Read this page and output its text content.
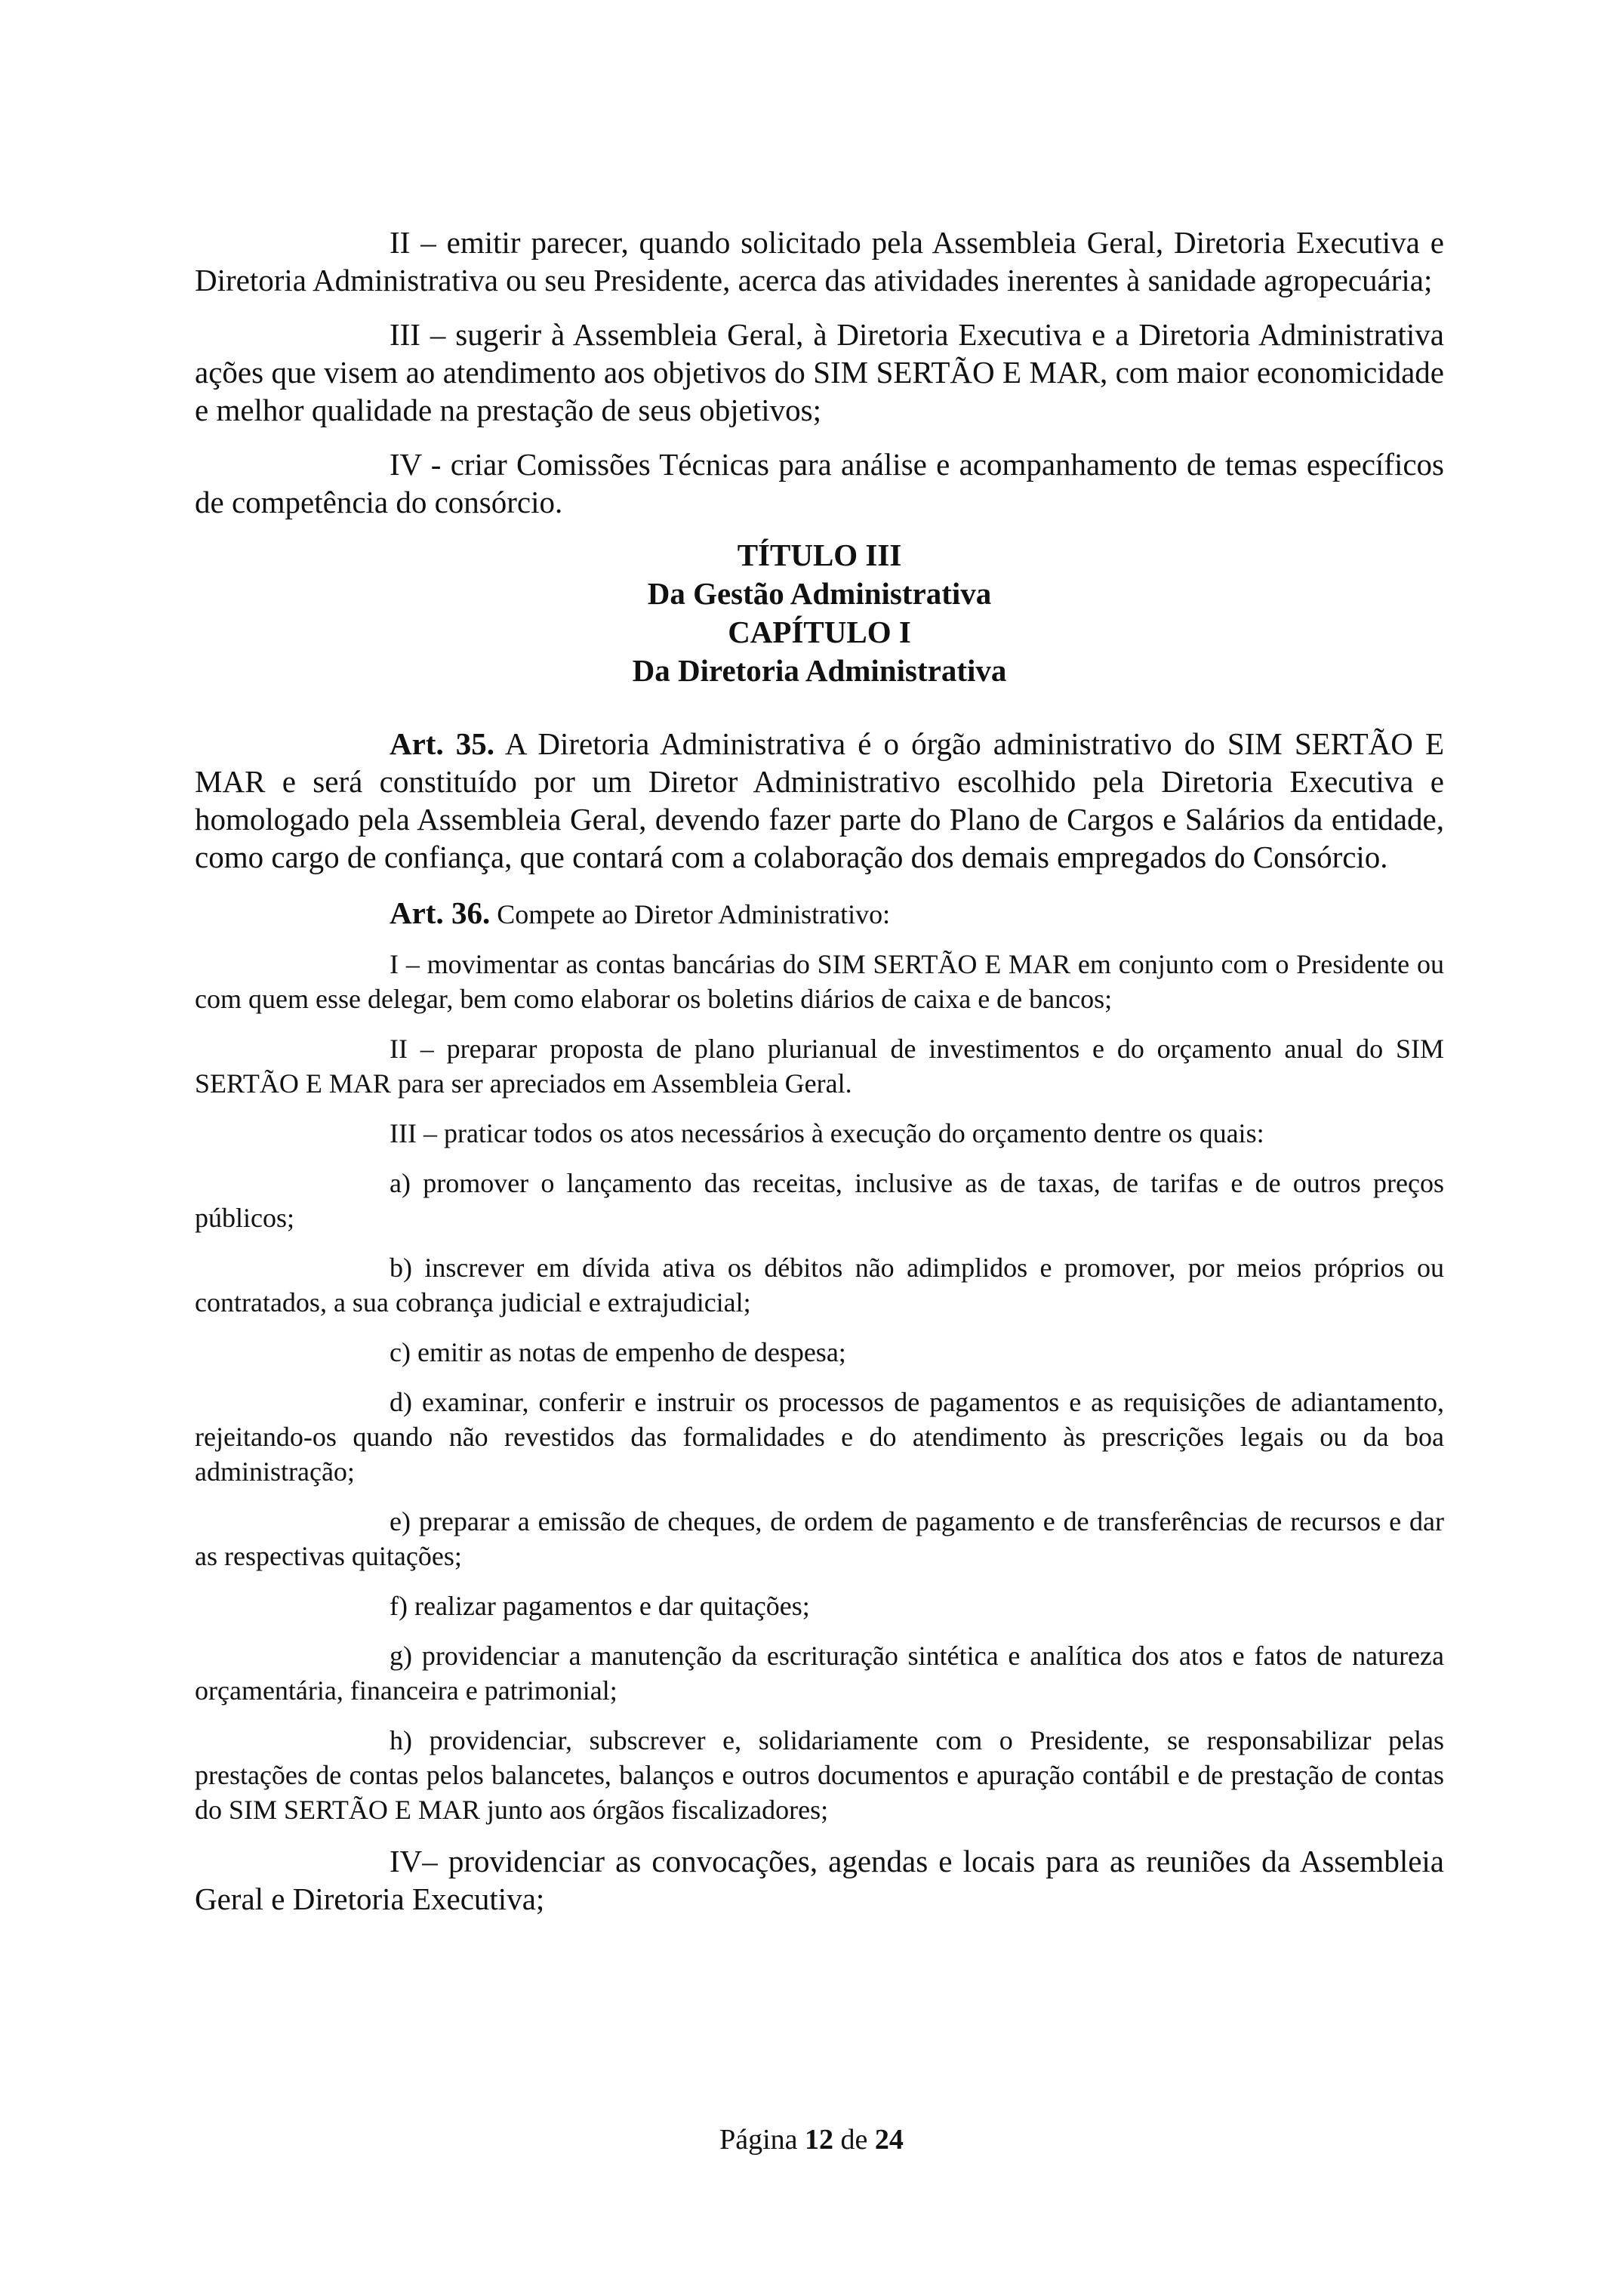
II – emitir parecer, quando solicitado pela Assembleia Geral, Diretoria Executiva e Diretoria Administrativa ou seu Presidente, acerca das atividades inerentes à sanidade agropecuária;

III – sugerir à Assembleia Geral, à Diretoria Executiva e a Diretoria Administrativa ações que visem ao atendimento aos objetivos do SIM SERTÃO E MAR, com maior economicidade e melhor qualidade na prestação de seus objetivos;

IV - criar Comissões Técnicas para análise e acompanhamento de temas específicos de competência do consórcio.

TÍTULO III
Da Gestão Administrativa
CAPÍTULO I
Da Diretoria Administrativa

Art. 35. A Diretoria Administrativa é o órgão administrativo do SIM SERTÃO E MAR e será constituído por um Diretor Administrativo escolhido pela Diretoria Executiva e homologado pela Assembleia Geral, devendo fazer parte do Plano de Cargos e Salários da entidade, como cargo de confiança, que contará com a colaboração dos demais empregados do Consórcio.

Art. 36. Compete ao Diretor Administrativo:

I – movimentar as contas bancárias do SIM SERTÃO E MAR em conjunto com o Presidente ou com quem esse delegar, bem como elaborar os boletins diários de caixa e de bancos;

II – preparar proposta de plano plurianual de investimentos e do orçamento anual do SIM SERTÃO E MAR para ser apreciados em Assembleia Geral.

III – praticar todos os atos necessários à execução do orçamento dentre os quais:

a) promover o lançamento das receitas, inclusive as de taxas, de tarifas e de outros preços públicos;

b) inscrever em dívida ativa os débitos não adimplidos e promover, por meios próprios ou contratados, a sua cobrança judicial e extrajudicial;

c) emitir as notas de empenho de despesa;

d) examinar, conferir e instruir os processos de pagamentos e as requisições de adiantamento, rejeitando-os quando não revestidos das formalidades e do atendimento às prescrições legais ou da boa administração;

e) preparar a emissão de cheques, de ordem de pagamento e de transferências de recursos e dar as respectivas quitações;

f) realizar pagamentos e dar quitações;

g) providenciar a manutenção da escrituração sintética e analítica dos atos e fatos de natureza orçamentária, financeira e patrimonial;

h) providenciar, subscrever e, solidariamente com o Presidente, se responsabilizar pelas prestações de contas pelos balancetes, balanços e outros documentos e apuração contábil e de prestação de contas do SIM SERTÃO E MAR junto aos órgãos fiscalizadores;

IV– providenciar as convocações, agendas e locais para as reuniões da Assembleia Geral e Diretoria Executiva;

Página 12 de 24
